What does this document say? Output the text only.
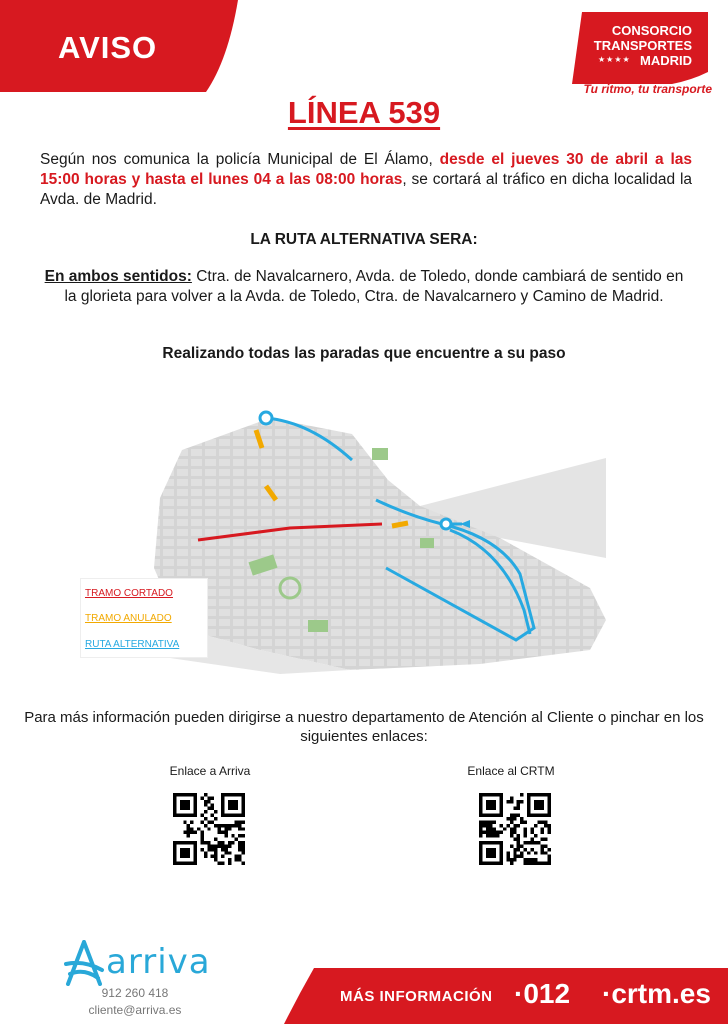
AVISO	CONSORCIO
TRANSPORTES
★★★★ MADRID
Tu ritmo, tu transporte
LÍNEA 539
Según nos comunica la policía Municipal de El Álamo, desde el jueves 30 de abril a las 15:00 horas y hasta el lunes 04 a las 08:00 horas, se cortará al tráfico en dicha localidad la Avda. de Madrid.
LA RUTA ALTERNATIVA SERA:
En ambos sentidos: Ctra. de Navalcarnero, Avda. de Toledo, donde cambiará de sentido en la glorieta para volver a la Avda. de Toledo, Ctra. de Navalcarnero y Camino de Madrid.
Realizando todas las paradas que encuentre a su paso
TRAMO CORTADO
TRAMO ANULADO
RUTA ALTERNATIVA
Para más información pueden dirigirse a nuestro departamento de Atención al Cliente o pinchar en los siguientes enlaces:
Enlace a Arriva	Enlace al CRTM
arriva
912 260 418
cliente@arriva.es
MÁS INFORMACIÓN ·012 ·crtm.es
